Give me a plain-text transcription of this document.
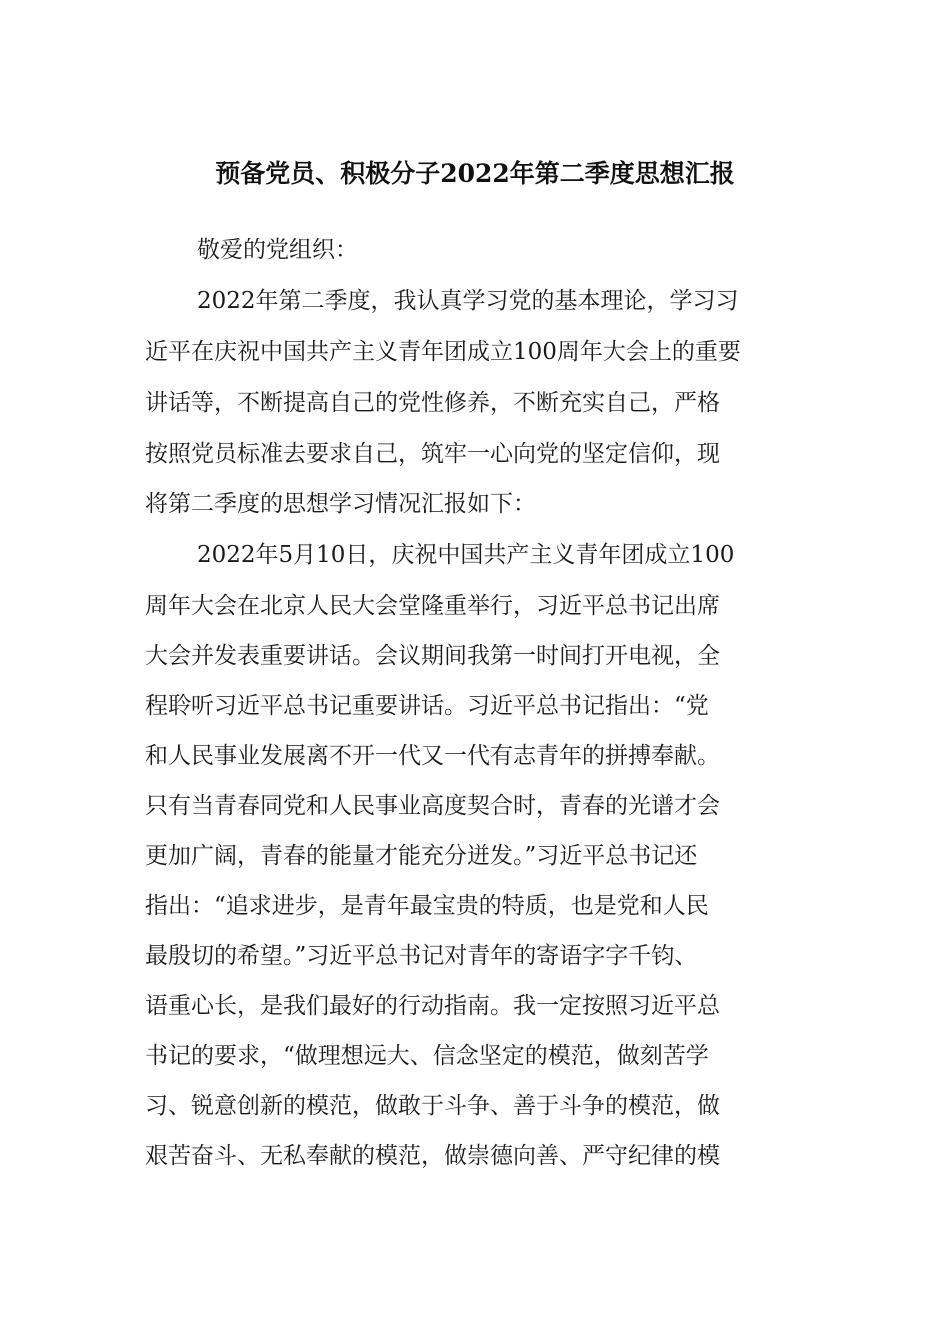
预备党员、积极分子2022年第二季度思想汇报
敬爱的党组织：
2022年第二季度，我认真学习党的基本理论，学习习
近平在庆祝中国共产主义青年团成立100周年大会上的重要
讲话等，不断提高自己的党性修养，不断充实自己，严格
按照党员标准去要求自己，筑牢一心向党的坚定信仰，现
将第二季度的思想学习情况汇报如下：
2022年5月10日，庆祝中国共产主义青年团成立100
周年大会在北京人民大会堂隆重举行，习近平总书记出席
大会并发表重要讲话。会议期间我第一时间打开电视，全
程聆听习近平总书记重要讲话。习近平总书记指出：“党
和人民事业发展离不开一代又一代有志青年的拼搏奉献。
只有当青春同党和人民事业高度契合时，青春的光谱才会
更加广阔，青春的能量才能充分迸发。”习近平总书记还
指出：“追求进步，是青年最宝贵的特质，也是党和人民
最殷切的希望。”习近平总书记对青年的寄语字字千钧、
语重心长，是我们最好的行动指南。我一定按照习近平总
书记的要求，“做理想远大、信念坚定的模范，做刻苦学
习、锐意创新的模范，做敢于斗争、善于斗争的模范，做
艰苦奋斗、无私奉献的模范，做崇德向善、严守纪律的模
